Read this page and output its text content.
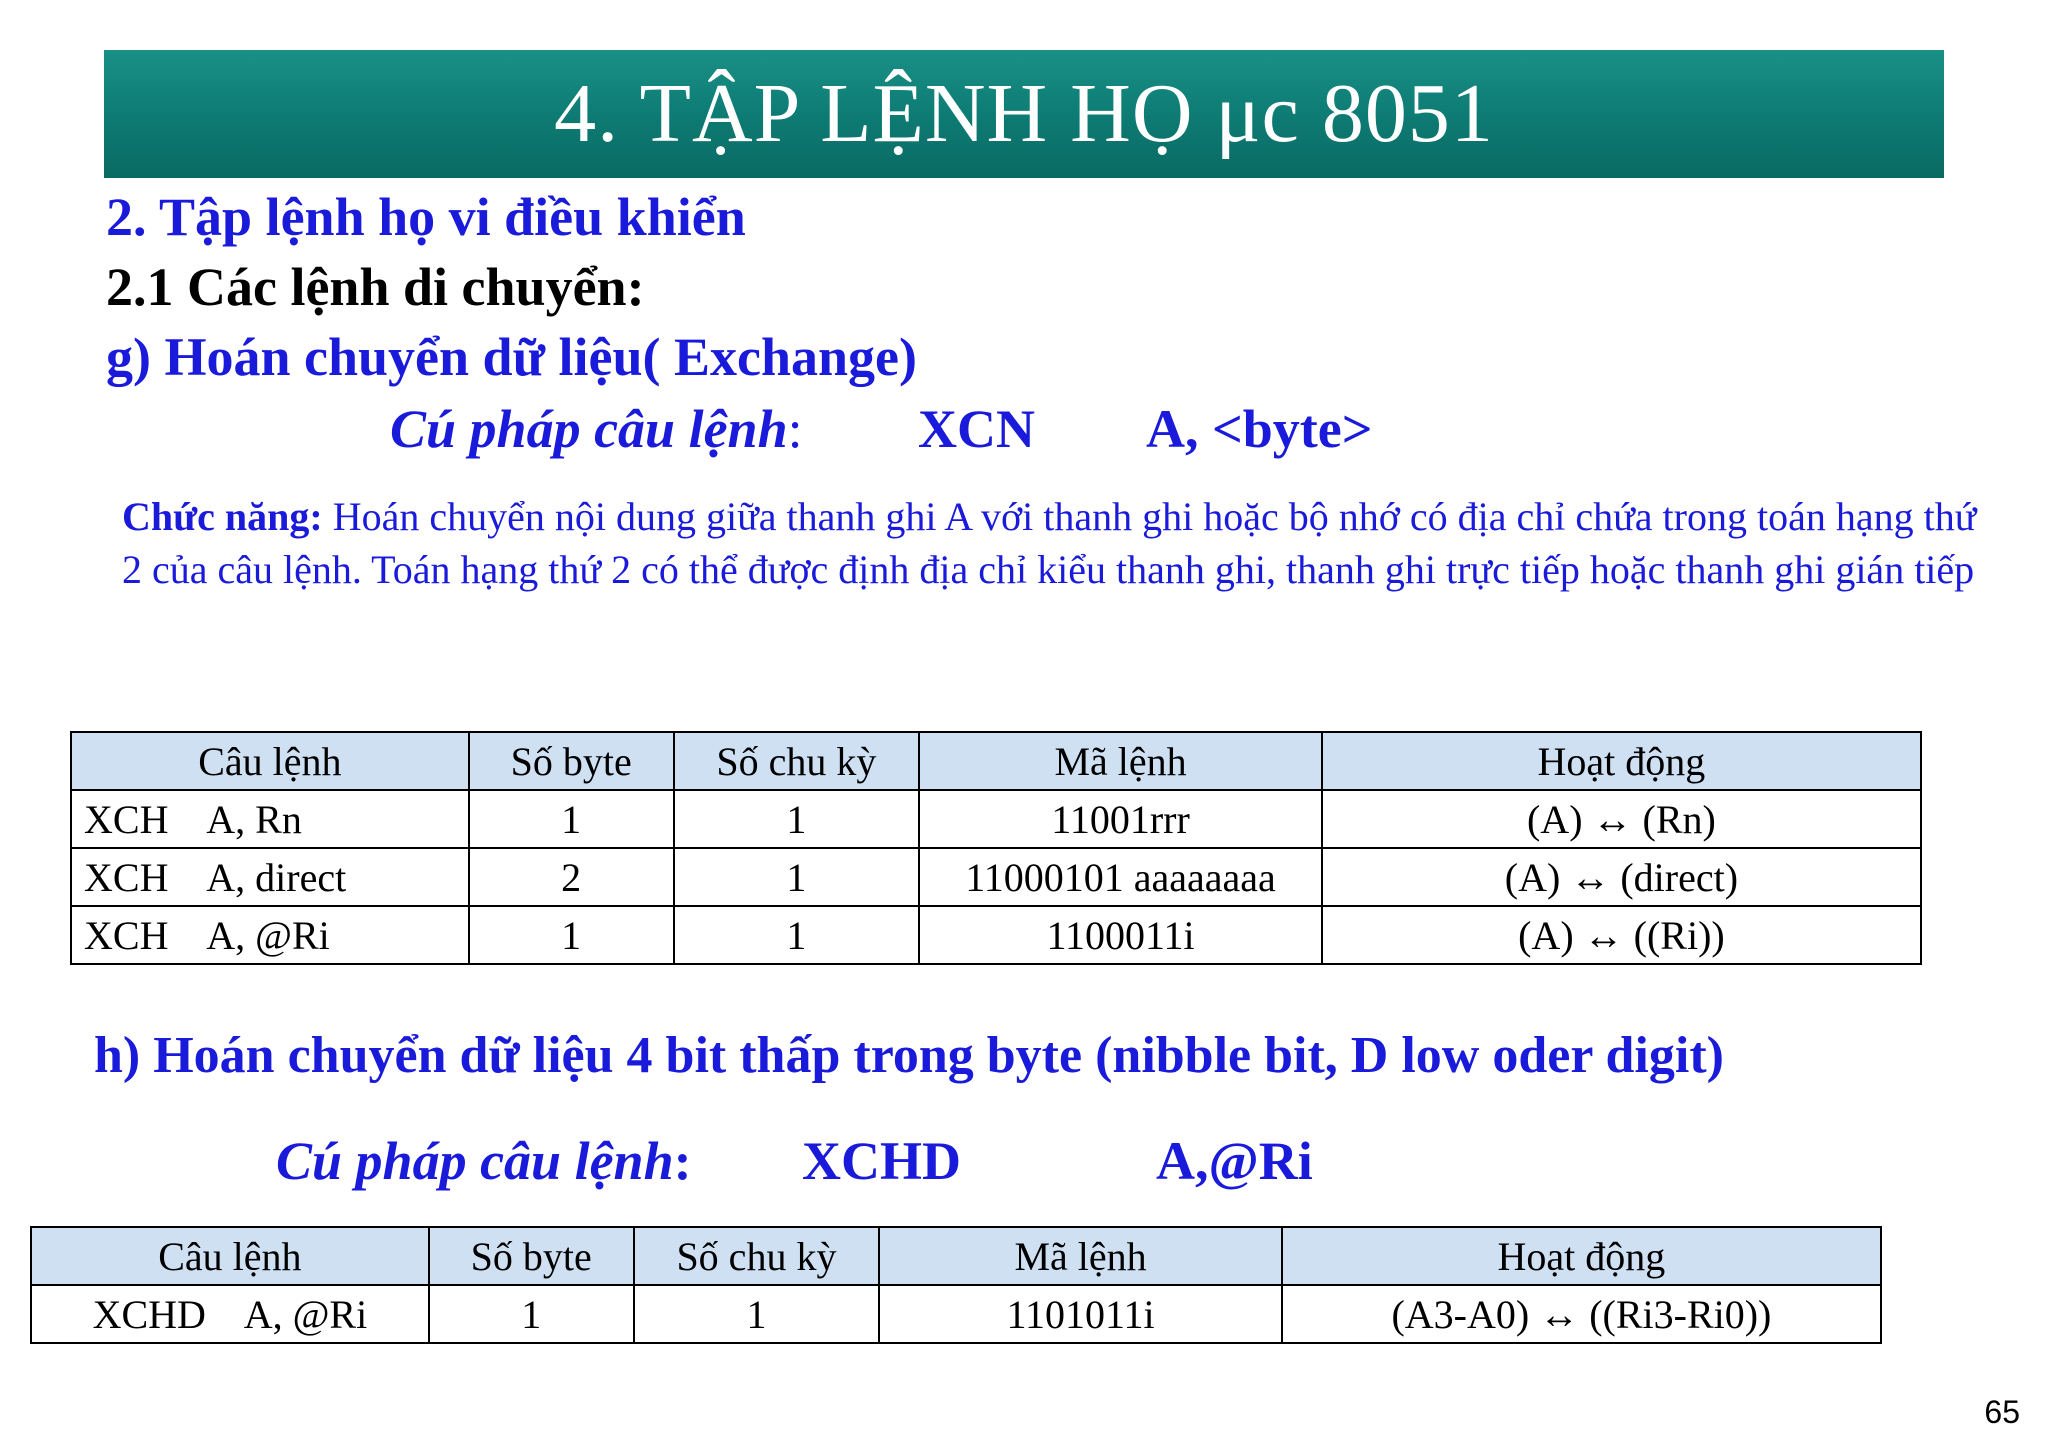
4. TẬP LỆNH HỌ μc 8051
2. Tập lệnh họ vi điều khiển
2.1 Các lệnh di chuyển:
g) Hoán chuyển dữ liệu( Exchange)
Cú pháp câu lệnh: XCN A, <byte>
Chức năng: Hoán chuyển nội dung giữa thanh ghi A với thanh ghi hoặc bộ nhớ có địa chỉ chứa trong toán hạng thứ 2 của câu lệnh. Toán hạng thứ 2 có thể được định địa chỉ kiểu thanh ghi, thanh ghi trực tiếp hoặc thanh ghi gián tiếp
Câu lệnh	Số byte	Số chu kỳ	Mã lệnh	Hoạt động
XCH    A, Rn	1	1	11001rrr	(A) ↔ (Rn)
XCH    A, direct	2	1	11000101 aaaaaaaa	(A) ↔ (direct)
XCH    A, @Ri	1	1	1100011i	(A) ↔ ((Ri))
h) Hoán chuyển dữ liệu 4 bit thấp trong byte (nibble bit, D low oder digit)
Cú pháp câu lệnh: XCHD	A,@Ri
Câu lệnh	Số byte	Số chu kỳ	Mã lệnh	Hoạt động
XCHD    A, @Ri	1	1	1101011i	(A3-A0) ↔ ((Ri3-Ri0))
65
